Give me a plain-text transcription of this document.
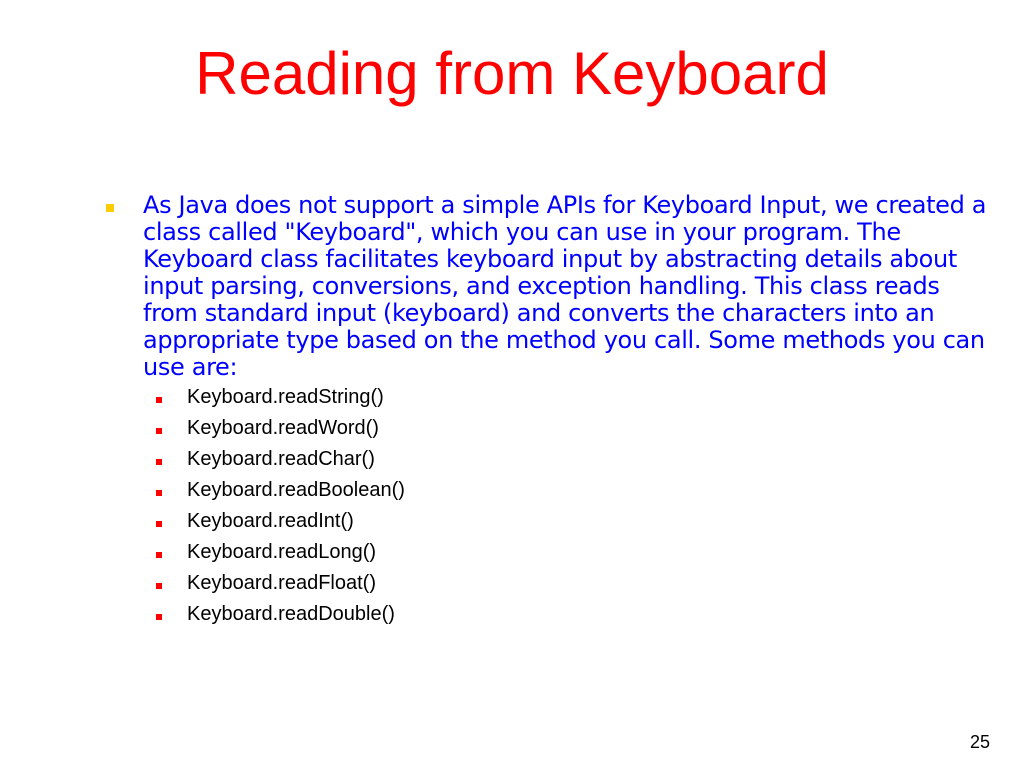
Reading from Keyboard
As Java does not support a simple APIs for Keyboard Input, we created a class called "Keyboard", which you can use in your program. The Keyboard class facilitates keyboard input by abstracting details about input parsing, conversions, and exception handling. This class reads from standard input (keyboard) and converts the characters into an appropriate type based on the method you call. Some methods you can use are:
Keyboard.readString()
Keyboard.readWord()
Keyboard.readChar()
Keyboard.readBoolean()
Keyboard.readInt()
Keyboard.readLong()
Keyboard.readFloat()
Keyboard.readDouble()
25
